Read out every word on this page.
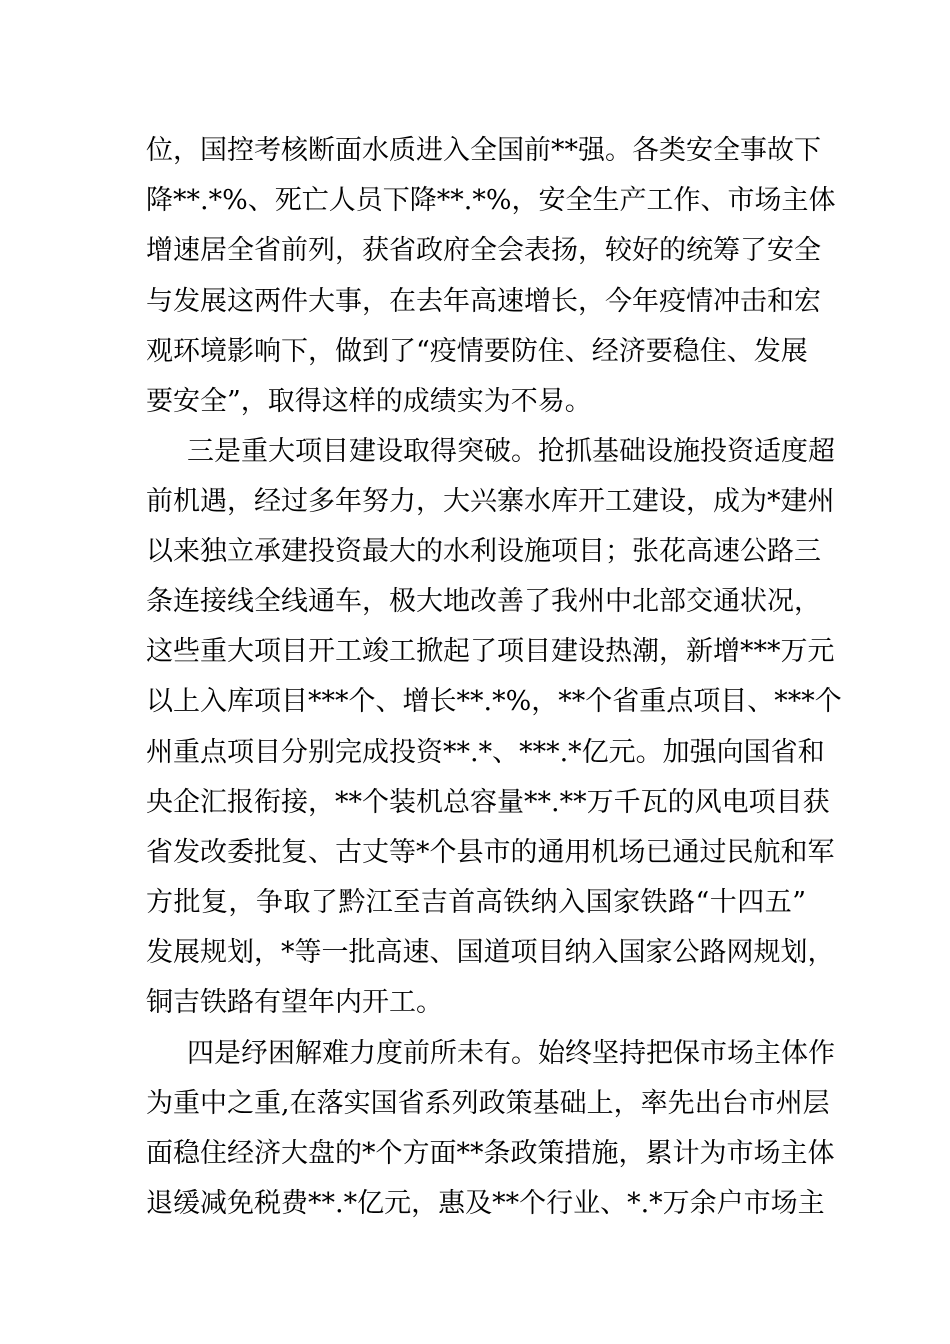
位，国控考核断面水质进入全国前**强。各类安全事故下
降**.*%、死亡人员下降**.*%，安全生产工作、市场主体
增速居全省前列，获省政府全会表扬，较好的统筹了安全
与发展这两件大事，在去年高速增长，今年疫情冲击和宏
观环境影响下，做到了“疫情要防住、经济要稳住、发展
要安全”，取得这样的成绩实为不易。
三是重大项目建设取得突破。抢抓基础设施投资适度超
前机遇，经过多年努力，大兴寨水库开工建设，成为*建州
以来独立承建投资最大的水利设施项目；张花高速公路三
条连接线全线通车，极大地改善了我州中北部交通状况，
这些重大项目开工竣工掀起了项目建设热潮，新增***万元
以上入库项目***个、增长**.*%，**个省重点项目、***个
州重点项目分别完成投资**.*、***.*亿元。加强向国省和
央企汇报衔接，**个装机总容量**.**万千瓦的风电项目获
省发改委批复、古丈等*个县市的通用机场已通过民航和军
方批复，争取了黔江至吉首高铁纳入国家铁路“十四五”
发展规划，*等一批高速、国道项目纳入国家公路网规划，
铜吉铁路有望年内开工。
四是纾困解难力度前所未有。始终坚持把保市场主体作
为重中之重,在落实国省系列政策基础上，率先出台市州层
面稳住经济大盘的*个方面**条政策措施，累计为市场主体
退缓减免税费**.*亿元，惠及**个行业、*.*万余户市场主
